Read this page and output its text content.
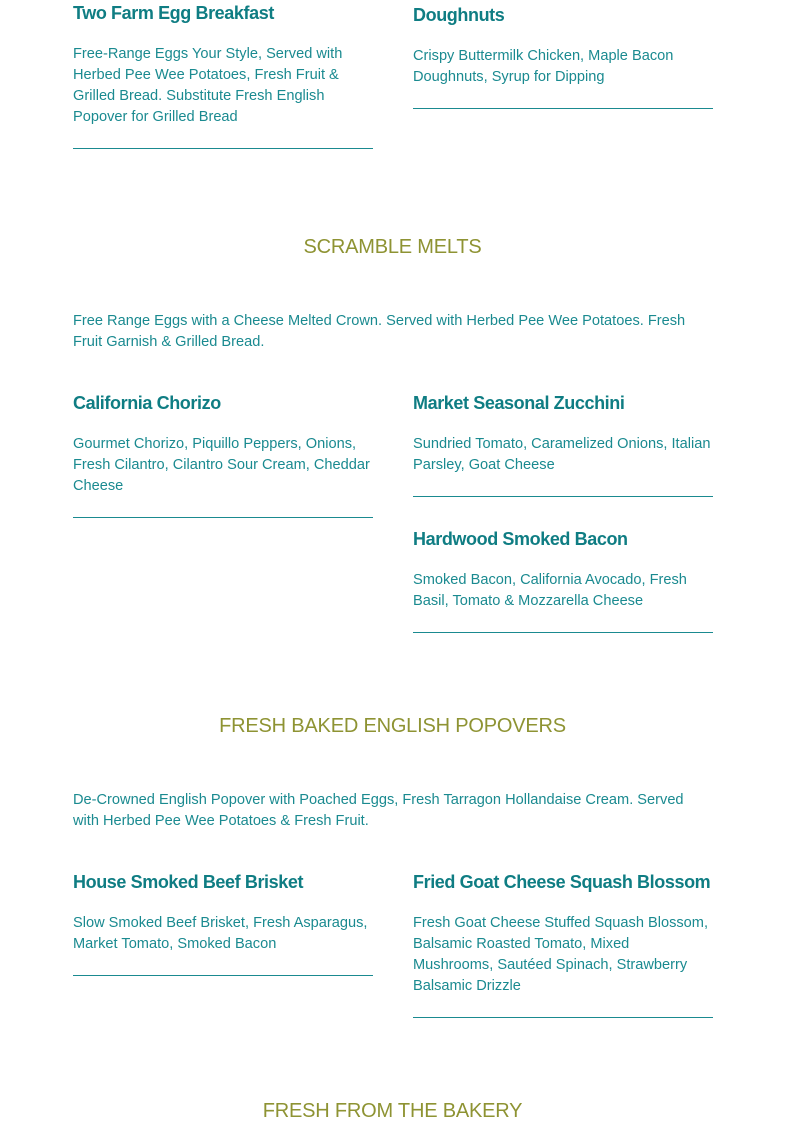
Two Farm Egg Breakfast

Free-Range Eggs Your Style, Served with Herbed Pee Wee Potatoes, Fresh Fruit & Grilled Bread. Substitute Fresh English Popover for Grilled Bread

Doughnuts

Crispy Buttermilk Chicken, Maple Bacon Doughnuts, Syrup for Dipping

SCRAMBLE MELTS

Free Range Eggs with a Cheese Melted Crown. Served with Herbed Pee Wee Potatoes. Fresh Fruit Garnish & Grilled Bread.

California Chorizo

Gourmet Chorizo, Piquillo Peppers, Onions, Fresh Cilantro, Cilantro Sour Cream, Cheddar Cheese

Market Seasonal Zucchini

Sundried Tomato, Caramelized Onions, Italian Parsley, Goat Cheese

Hardwood Smoked Bacon

Smoked Bacon, California Avocado, Fresh Basil, Tomato & Mozzarella Cheese

FRESH BAKED ENGLISH POPOVERS

De-Crowned English Popover with Poached Eggs, Fresh Tarragon Hollandaise Cream. Served with Herbed Pee Wee Potatoes & Fresh Fruit.

House Smoked Beef Brisket

Slow Smoked Beef Brisket, Fresh Asparagus, Market Tomato, Smoked Bacon

Fried Goat Cheese Squash Blossom

Fresh Goat Cheese Stuffed Squash Blossom, Balsamic Roasted Tomato, Mixed Mushrooms, Sautéed Spinach, Strawberry Balsamic Drizzle

FRESH FROM THE BAKERY
